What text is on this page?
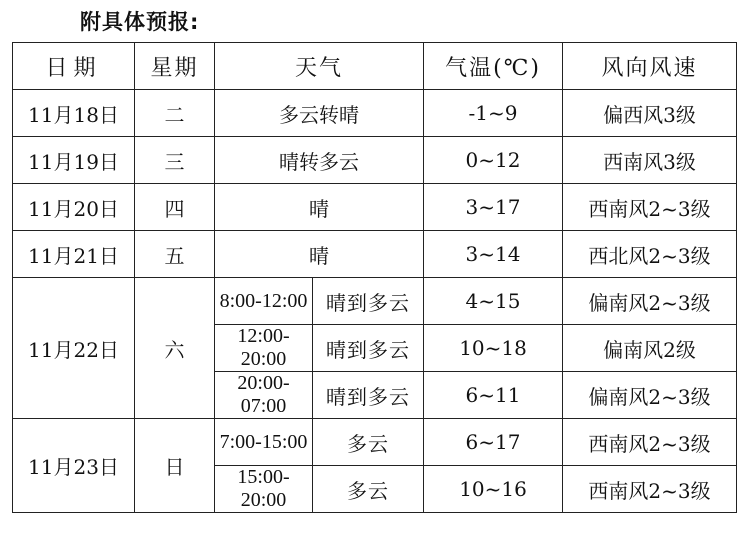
附具体预报:
日期	星期	天气		气温(℃)	风向风速
11月18日	二	多云转晴		-1~9	偏西风3级
11月19日	三	晴转多云		0~12	西南风3级
11月20日	四	晴		3~17	西南风2~3级
11月21日	五	晴		3~14	西北风2~3级
11月22日	六	8:00-12:00	晴到多云	4~15	偏南风2~3级
		12:00-20:00	晴到多云	10~18	偏南风2级
		20:00-07:00	晴到多云	6~11	偏南风2~3级
11月23日	日	7:00-15:00	多云	6~17	西南风2~3级
		15:00-20:00	多云	10~16	西南风2~3级
